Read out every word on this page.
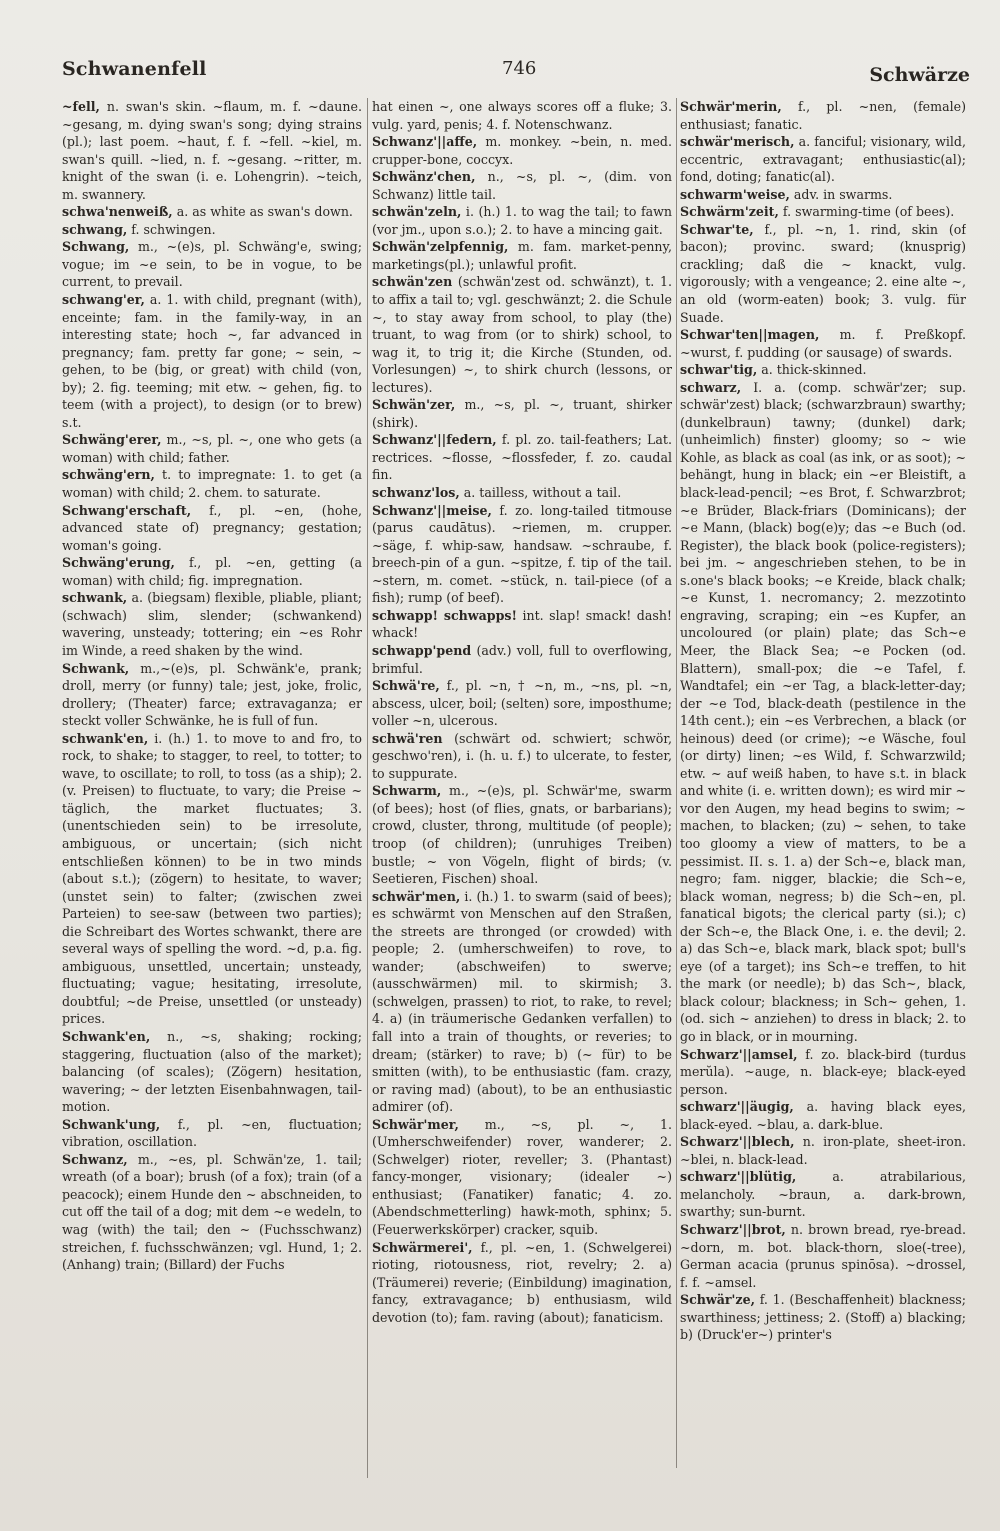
Schwanenfell	746	Schwärze
~fell, n. swan's skin. ~flaum, m. f. ~daune. ~gesang, m. dying swan's song; dying strains (pl.); last poem. ~haut, f. f. ~fell. ~kiel, m. swan's quill. ~lied, n. f. ~gesang. ~ritter, m. knight of the swan (i. e. Lohengrin). ~teich, m. swannery.
schwa'nenweiß, a. as white as swan's down.
schwang, f. schwingen.
Schwang, m., ~(e)s, pl. Schwäng'e, swing; vogue; im ~e sein, to be in vogue, to be current, to prevail.
schwang'er, a. 1. with child, pregnant (with), enceinte; fam. in the family-way, in an interesting state; hoch ~, far advanced in pregnancy; fam. pretty far gone; ~ sein, ~ gehen, to be (big, or great) with child (von, by); 2. fig. teeming; mit etw. ~ gehen, fig. to teem (with a project), to design (or to brew) s.t.
Schwäng'erer, m., ~s, pl. ~, one who gets (a woman) with child; father.
schwäng'ern, t. to impregnate: 1. to get (a woman) with child; 2. chem. to saturate.
Schwang'erschaft, f., pl. ~en, (hohe, advanced state of) pregnancy; gestation; woman's going.
Schwäng'erung, f., pl. ~en, getting (a woman) with child; fig. impregnation.
schwank, a. (biegsam) flexible, pliable, pliant; (schwach) slim, slender; (schwankend) wavering, unsteady; tottering; ein ~es Rohr im Winde, a reed shaken by the wind.
Schwank, m.,~(e)s, pl. Schwänk'e, prank; droll, merry (or funny) tale; jest, joke, frolic, drollery; (Theater) farce; extravaganza; er steckt voller Schwänke, he is full of fun.
schwank'en, i. (h.) 1. to move to and fro, to rock, to shake; to stagger, to reel, to totter; to wave, to oscillate; to roll, to toss (as a ship); 2. (v. Preisen) to fluctuate, to vary; die Preise ~ täglich, the market fluctuates; 3. (unentschieden sein) to be irresolute, ambiguous, or uncertain; (sich nicht entschließen können) to be in two minds (about s.t.); (zögern) to hesitate, to waver; (unstet sein) to falter; (zwischen zwei Parteien) to see-saw (between two parties); die Schreibart des Wortes schwankt, there are several ways of spelling the word. ~d, p.a. fig. ambiguous, unsettled, uncertain; unsteady, fluctuating; vague; hesitating, irresolute, doubtful; ~de Preise, unsettled (or unsteady) prices.
Schwank'en, n., ~s, shaking; rocking; staggering, fluctuation (also of the market); balancing (of scales); (Zögern) hesitation, wavering; ~ der letzten Eisenbahnwagen, tail-motion.
Schwank'ung, f., pl. ~en, fluctuation; vibration, oscillation.
Schwanz, m., ~es, pl. Schwän'ze, 1. tail; wreath (of a boar); brush (of a fox); train (of a peacock); einem Hunde den ~ abschneiden, to cut off the tail of a dog; mit dem ~e wedeln, to wag (with) the tail; den ~ (Fuchsschwanz) streichen, f. fuchsschwänzen; vgl. Hund, 1; 2. (Anhang) train; (Billard) der Fuchs
hat einen ~, one always scores off a fluke; 3. vulg. yard, penis; 4. f. Notenschwanz.
Schwanz'||affe, m. monkey. ~bein, n. med. crupper-bone, coccyx.
Schwänz'chen, n., ~s, pl. ~, (dim. von Schwanz) little tail.
schwän'zeln, i. (h.) 1. to wag the tail; to fawn (vor jm., upon s.o.); 2. to have a mincing gait.
Schwän'zelpfennig, m. fam. market-penny, marketings(pl.); unlawful profit.
schwän'zen (schwän'zest od. schwänzt), t. 1. to affix a tail to; vgl. geschwänzt; 2. die Schule ~, to stay away from school, to play (the) truant, to wag from (or to shirk) school, to wag it, to trig it; die Kirche (Stunden, od. Vorlesungen) ~, to shirk church (lessons, or lectures).
Schwän'zer, m., ~s, pl. ~, truant, shirker (shirk).
Schwanz'||federn, f. pl. zo. tail-feathers; Lat. rectrices. ~flosse, ~flossfeder, f. zo. caudal fin.
schwanz'los, a. tailless, without a tail.
Schwanz'||meise, f. zo. long-tailed titmouse (parus caudātus). ~riemen, m. crupper. ~säge, f. whip-saw, handsaw. ~schraube, f. breech-pin of a gun. ~spitze, f. tip of the tail. ~stern, m. comet. ~stück, n. tail-piece (of a fish); rump (of beef).
schwapp! schwapps! int. slap! smack! dash! whack!
schwapp'pend (adv.) voll, full to overflowing, brimful.
Schwä're, f., pl. ~n, † ~n, m., ~ns, pl. ~n, abscess, ulcer, boil; (selten) sore, imposthume; voller ~n, ulcerous.
schwä'ren (schwärt od. schwiert; schwör, geschwo'ren), i. (h. u. f.) to ulcerate, to fester, to suppurate.
Schwarm, m., ~(e)s, pl. Schwär'me, swarm (of bees); host (of flies, gnats, or barbarians); crowd, cluster, throng, multitude (of people); troop (of children); (unruhiges Treiben) bustle; ~ von Vögeln, flight of birds; (v. Seetieren, Fischen) shoal.
schwär'men, i. (h.) 1. to swarm (said of bees); es schwärmt von Menschen auf den Straßen, the streets are thronged (or crowded) with people; 2. (umherschweifen) to rove, to wander; (abschweifen) to swerve; (ausschwärmen) mil. to skirmish; 3. (schwelgen, prassen) to riot, to rake, to revel; 4. a) (in träumerische Gedanken verfallen) to fall into a train of thoughts, or reveries; to dream; (stärker) to rave; b) (~ für) to be smitten (with), to be enthusiastic (fam. crazy, or raving mad) (about), to be an enthusiastic admirer (of).
Schwär'mer, m., ~s, pl. ~, 1. (Umherschweifender) rover, wanderer; 2. (Schwelger) rioter, reveller; 3. (Phantast) fancy-monger, visionary; (idealer ~) enthusiast; (Fanatiker) fanatic; 4. zo. (Abendschmetterling) hawk-moth, sphinx; 5. (Feuerwerkskörper) cracker, squib.
Schwärmerei', f., pl. ~en, 1. (Schwelgerei) rioting, riotousness, riot, revelry; 2. a) (Träumerei) reverie; (Einbildung) imagination, fancy, extravagance; b) enthusiasm, wild devotion (to); fam. raving (about); fanaticism.
Schwär'merin, f., pl. ~nen, (female) enthusiast; fanatic.
schwär'merisch, a. fanciful; visionary, wild, eccentric, extravagant; enthusiastic(al); fond, doting; fanatic(al).
schwarm'weise, adv. in swarms.
Schwärm'zeit, f. swarming-time (of bees).
Schwar'te, f., pl. ~n, 1. rind, skin (of bacon); provinc. sward; (knusprig) crackling; daß die ~ knackt, vulg. vigorously; with a vengeance; 2. eine alte ~, an old (worm-eaten) book; 3. vulg. für Suade.
Schwar'ten||magen, m. f. Preßkopf. ~wurst, f. pudding (or sausage) of swards.
schwar'tig, a. thick-skinned.
schwarz, I. a. (comp. schwär'zer; sup. schwär'zest) black; (schwarzbraun) swarthy; (dunkelbraun) tawny; (dunkel) dark; (unheimlich) finster) gloomy; so ~ wie Kohle, as black as coal (as ink, or as soot); ~ behängt, hung in black; ein ~er Bleistift, a black-lead-pencil; ~es Brot, f. Schwarzbrot; ~e Brüder, Black-friars (Dominicans); der ~e Mann, (black) bog(e)y; das ~e Buch (od. Register), the black book (police-registers); bei jm. ~ angeschrieben stehen, to be in s.one's black books; ~e Kreide, black chalk; ~e Kunst, 1. necromancy; 2. mezzotinto engraving, scraping; ein ~es Kupfer, an uncoloured (or plain) plate; das Sch~e Meer, the Black Sea; ~e Pocken (od. Blattern), small-pox; die ~e Tafel, f. Wandtafel; ein ~er Tag, a black-letter-day; der ~e Tod, black-death (pestilence in the 14th cent.); ein ~es Verbrechen, a black (or heinous) deed (or crime); ~e Wäsche, foul (or dirty) linen; ~es Wild, f. Schwarzwild; etw. ~ auf weiß haben, to have s.t. in black and white (i. e. written down); es wird mir ~ vor den Augen, my head begins to swim; ~ machen, to blacken; (zu) ~ sehen, to take too gloomy a view of matters, to be a pessimist. II. s. 1. a) der Sch~e, black man, negro; fam. nigger, blackie; die Sch~e, black woman, negress; b) die Sch~en, pl. fanatical bigots; the clerical party (si.); c) der Sch~e, the Black One, i. e. the devil; 2. a) das Sch~e, black mark, black spot; bull's eye (of a target); ins Sch~e treffen, to hit the mark (or needle); b) das Sch~, black, black colour; blackness; in Sch~ gehen, 1. (od. sich ~ anziehen) to dress in black; 2. to go in black, or in mourning.
Schwarz'||amsel, f. zo. black-bird (turdus merŭla). ~auge, n. black-eye; black-eyed person.
schwarz'||äugig, a. having black eyes, black-eyed. ~blau, a. dark-blue.
Schwarz'||blech, n. iron-plate, sheet-iron. ~blei, n. black-lead.
schwarz'||blütig,	a. atrabilarious, melancholy. ~braun, a. dark-brown, swarthy; sun-burnt.
Schwarz'||brot, n. brown bread, rye-bread. ~dorn, m. bot. black-thorn, sloe(-tree), German acacia (prunus spinōsa). ~drossel, f. f. ~amsel.
Schwär'ze, f. 1. (Beschaffenheit) blackness; swarthiness; jettiness; 2. (Stoff) a) blacking; b) (Druck'er~) printer's
